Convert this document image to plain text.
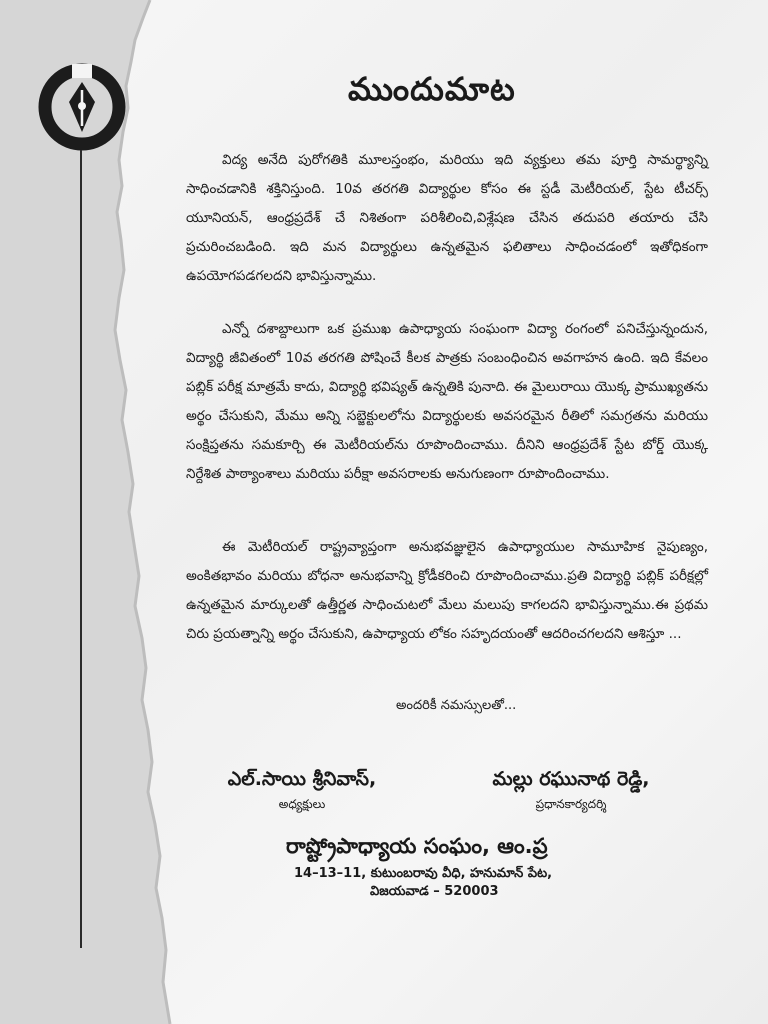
ముందుమాట

విద్య అనేది పురోగతికి మూలస్తంభం, మరియు ఇది వ్యక్తులు తమ పూర్తి సామర్థ్యాన్ని సాధించడానికి శక్తినిస్తుంది. 10వ తరగతి విద్యార్థుల కోసం ఈ స్టడీ మెటీరియల్, స్టేట టీచర్స్ యూనియన్, ఆంధ్రప్రదేశ్ చే నిశితంగా పరిశీలించి,విశ్లేషణ చేసిన తదుపరి తయారు చేసి ప్రచురించబడింది. ఇది మన విద్యార్థులు ఉన్నతమైన ఫలితాలు సాధించడంలో ఇతోధికంగా ఉపయోగపడగలదని భావిస్తున్నాము.

ఎన్నో దశాబ్దాలుగా ఒక ప్రముఖ ఉపాధ్యాయ సంఘంగా విద్యా రంగంలో పనిచేస్తున్నందున, విద్యార్థి జీవితంలో 10వ తరగతి పోషించే కీలక పాత్రకు సంబంధించిన అవగాహన ఉంది. ఇది కేవలం పబ్లిక్ పరీక్ష మాత్రమే కాదు, విద్యార్థి భవిష్యత్ ఉన్నతికి పునాది. ఈ మైలురాయి యొక్క ప్రాముఖ్యతను అర్థం చేసుకుని, మేము అన్ని సబ్జెక్టులలోను విద్యార్థులకు అవసరమైన రీతిలో సమగ్రతను మరియు సంక్షిప్తతను సమకూర్చి ఈ మెటీరియల్‌ను రూపొందించాము. దీనిని ఆంధ్రప్రదేశ్ స్టేట బోర్డ్ యొక్క నిర్దేశిత పాఠ్యాంశాలు మరియు పరీక్షా అవసరాలకు అనుగుణంగా రూపొందించాము.

ఈ మెటీరియల్ రాష్ట్రవ్యాప్తంగా అనుభవజ్ఞులైన ఉపాధ్యాయుల సామూహిక నైపుణ్యం, అంకితభావం మరియు బోధనా అనుభవాన్ని క్రోడీకరించి రూపొందించాము.ప్రతి విద్యార్థి పబ్లిక్ పరీక్షల్లో ఉన్నతమైన మార్కులతో ఉత్తీర్ణత సాధించుటలో మేలు మలుపు కాగలదని భావిస్తున్నాము.ఈ ప్రథమ చిరు ప్రయత్నాన్ని అర్థం చేసుకుని, ఉపాధ్యాయ లోకం సహృదయంతో ఆదరించగలదని ఆశిస్తూ ...

అందరికీ నమస్సులతో...
ఎల్.సాయి శ్రీనివాస్,
అధ్యక్షులు
మల్లు రఘునాథ రెడ్డి,
ప్రధానకార్యదర్శి
రాష్ట్రోపాధ్యాయ సంఘం, ఆం.ప్ర
14–13–11, కుటుంబరావు వీధి, హనుమాన్ పేట,
విజయవాడ – 520003
